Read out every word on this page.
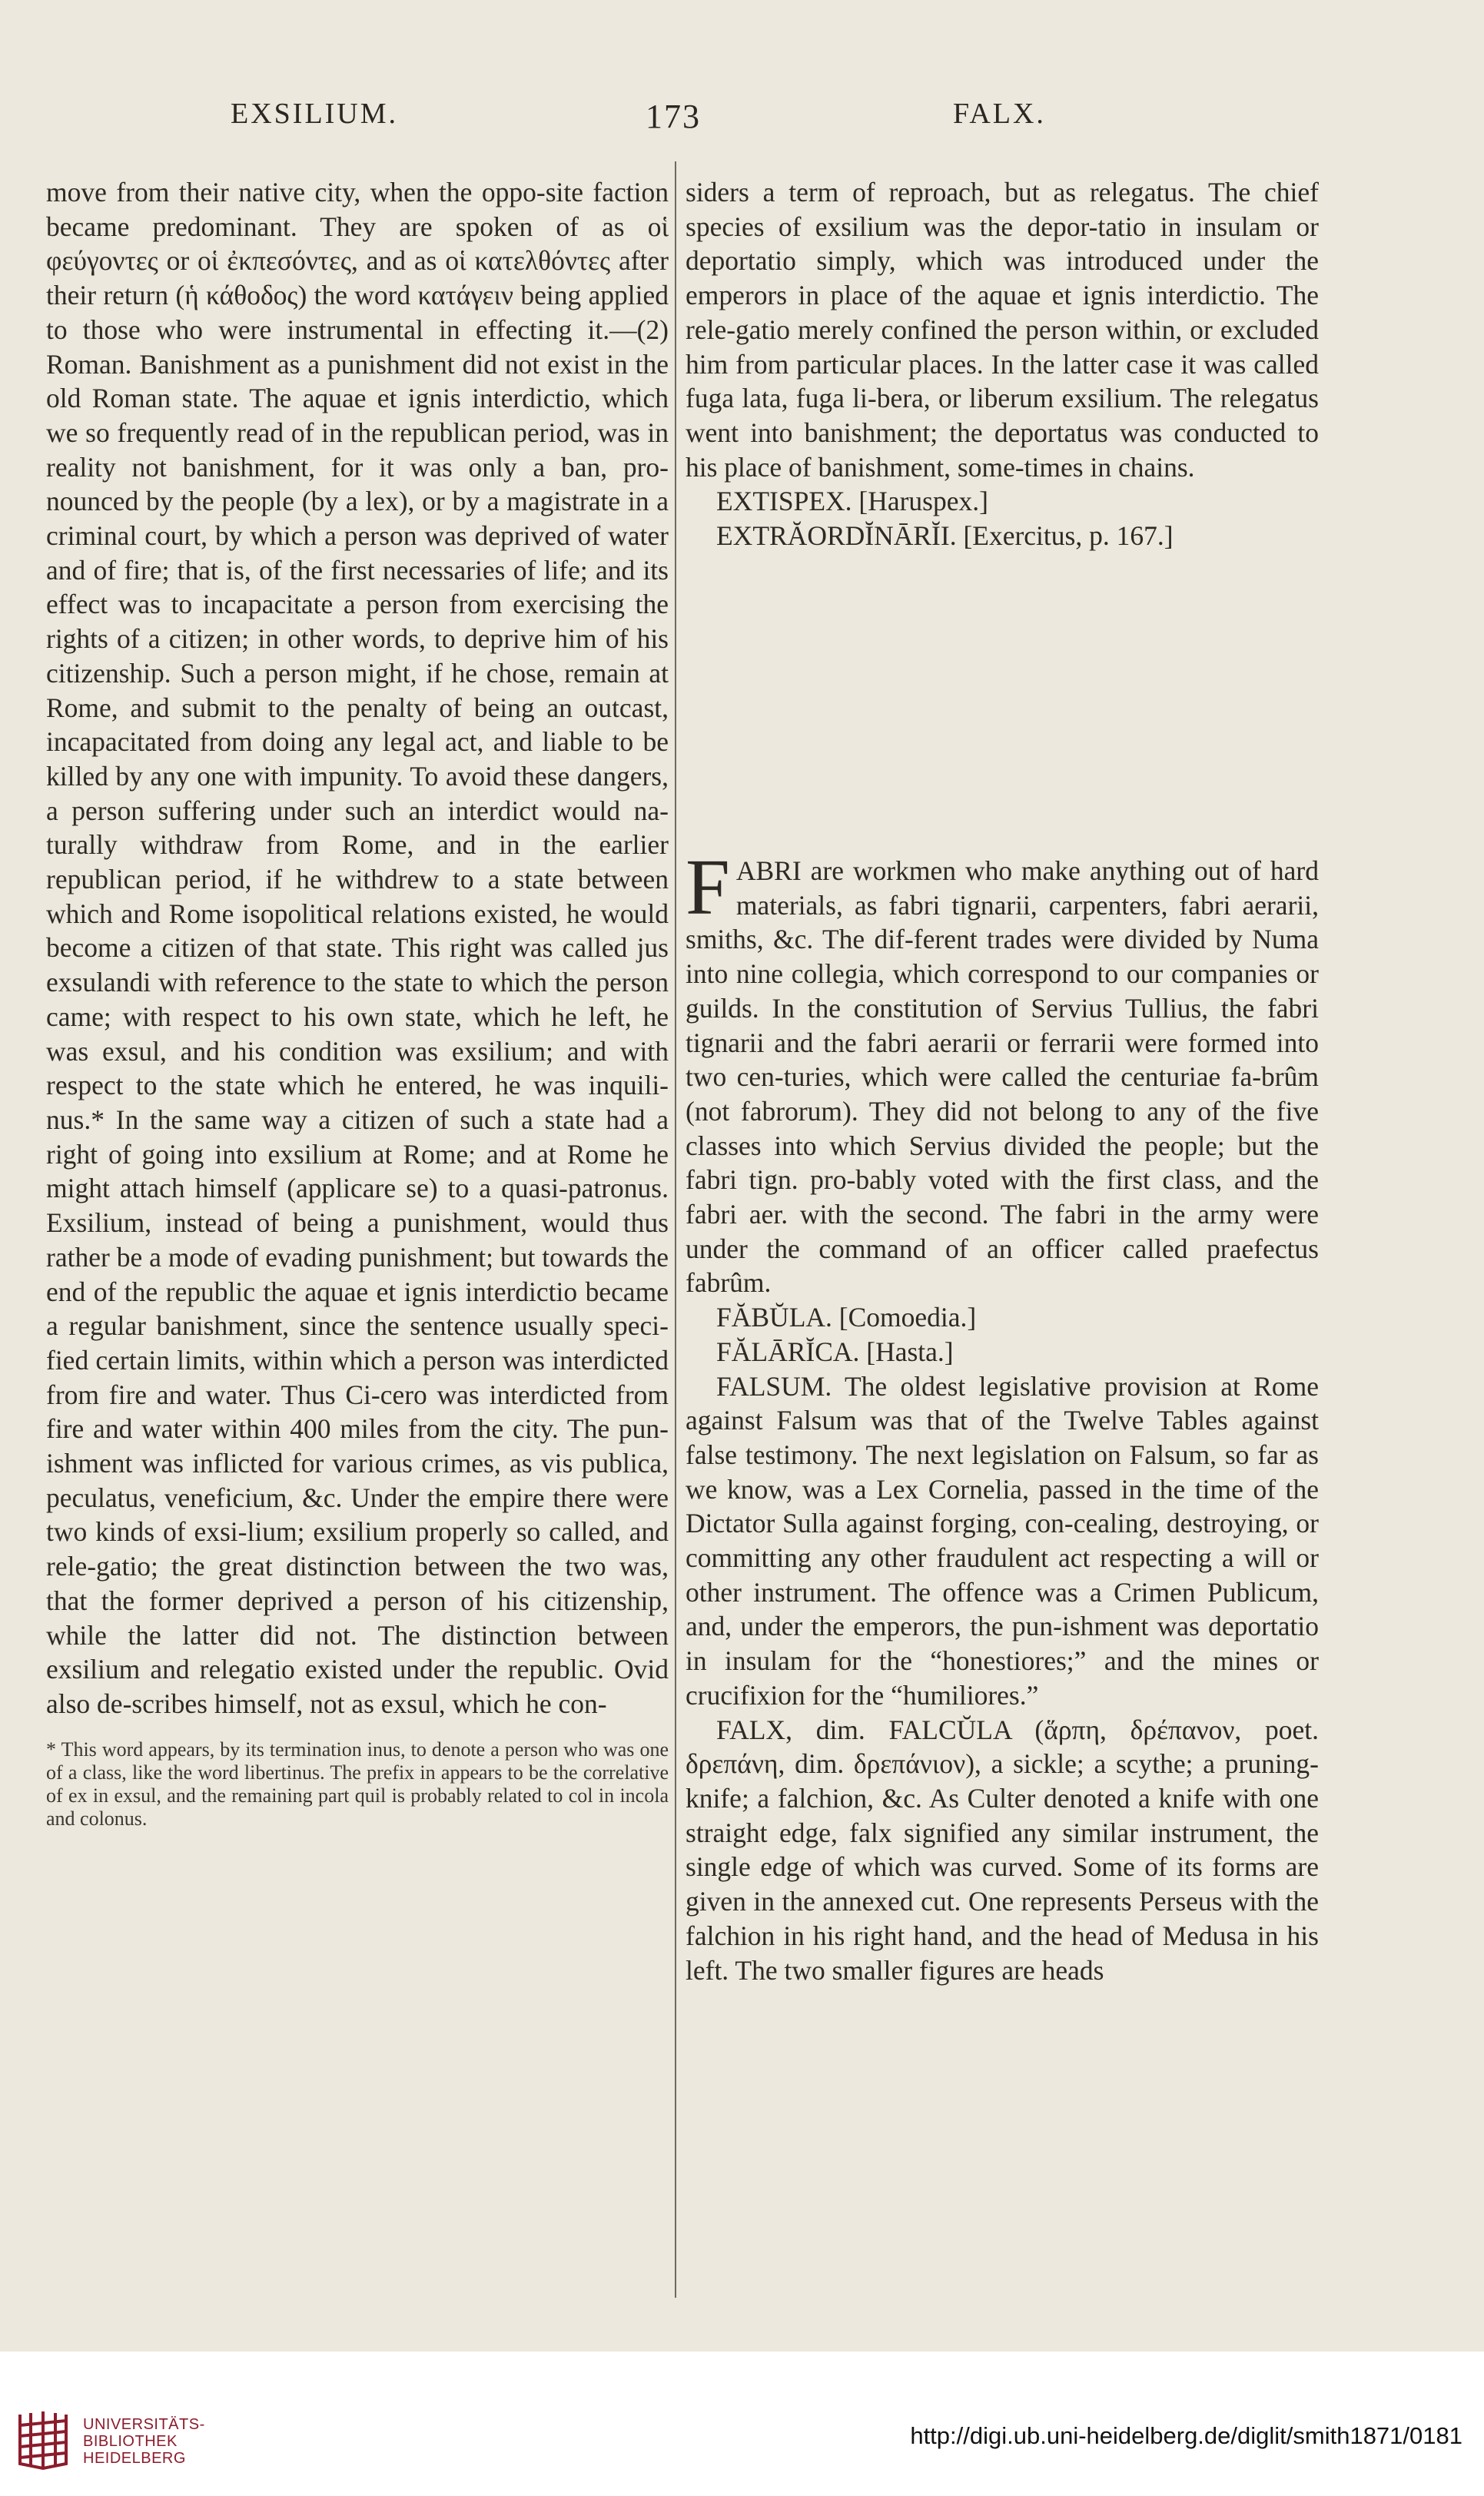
EXSILIUM.	173	FALX.

move from their native city, when the oppo-site faction became predominant. They are spoken of as οἱ φεύγοντες or οἱ ἐκπεσόντες, and as οἱ κατελθόντες after their return (ἡ κάθοδος) the word κατάγειν being applied to those who were instrumental in effecting it.—(2) Roman. Banishment as a punishment did not exist in the old Roman state. The aquae et ignis interdictio, which we so frequently read of in the republican period, was in reality not banishment, for it was only a ban, pro-nounced by the people (by a lex), or by a magistrate in a criminal court, by which a person was deprived of water and of fire; that is, of the first necessaries of life; and its effect was to incapacitate a person from exercising the rights of a citizen; in other words, to deprive him of his citizenship. Such a person might, if he chose, remain at Rome, and submit to the penalty of being an outcast, incapacitated from doing any legal act, and liable to be killed by any one with impunity. To avoid these dangers, a person suffering under such an interdict would na-turally withdraw from Rome, and in the earlier republican period, if he withdrew to a state between which and Rome isopolitical relations existed, he would become a citizen of that state. This right was called jus exsulandi with reference to the state to which the person came; with respect to his own state, which he left, he was exsul, and his condition was exsilium; and with respect to the state which he entered, he was inquili-nus.* In the same way a citizen of such a state had a right of going into exsilium at Rome; and at Rome he might attach himself (applicare se) to a quasi-patronus. Exsilium, instead of being a punishment, would thus rather be a mode of evading punishment; but towards the end of the republic the aquae et ignis interdictio became a regular banishment, since the sentence usually speci-fied certain limits, within which a person was interdicted from fire and water. Thus Ci-cero was interdicted from fire and water within 400 miles from the city. The pun-ishment was inflicted for various crimes, as vis publica, peculatus, veneficium, &c. Under the empire there were two kinds of exsi-lium; exsilium properly so called, and rele-gatio; the great distinction between the two was, that the former deprived a person of his citizenship, while the latter did not. The distinction between exsilium and relegatio existed under the republic. Ovid also de-scribes himself, not as exsul, which he con-

* This word appears, by its termination inus, to denote a person who was one of a class, like the word libertinus. The prefix in appears to be the correlative of ex in exsul, and the remaining part quil is probably related to col in incola and colonus.

siders a term of reproach, but as relegatus. The chief species of exsilium was the depor-tatio in insulam or deportatio simply, which was introduced under the emperors in place of the aquae et ignis interdictio. The rele-gatio merely confined the person within, or excluded him from particular places. In the latter case it was called fuga lata, fuga li-bera, or liberum exsilium. The relegatus went into banishment; the deportatus was conducted to his place of banishment, some-times in chains.

EXTISPEX. [Haruspex.]

EXTRĂORDĬNĀRĬI. [Exercitus, p. 167.]

FABRI are workmen who make anything out of hard materials, as fabri tignarii, carpenters, fabri aerarii, smiths, &c. The dif-ferent trades were divided by Numa into nine collegia, which correspond to our companies or guilds. In the constitution of Servius Tullius, the fabri tignarii and the fabri aerarii or ferrarii were formed into two cen-turies, which were called the centuriae fa-brûm (not fabrorum). They did not belong to any of the five classes into which Servius divided the people; but the fabri tign. pro-bably voted with the first class, and the fabri aer. with the second. The fabri in the army were under the command of an officer called praefectus fabrûm.

FĂBŬLA. [Comoedia.]

FĂLĀRĬCA. [Hasta.]

FALSUM. The oldest legislative provision at Rome against Falsum was that of the Twelve Tables against false testimony. The next legislation on Falsum, so far as we know, was a Lex Cornelia, passed in the time of the Dictator Sulla against forging, con-cealing, destroying, or committing any other fraudulent act respecting a will or other instrument. The offence was a Crimen Publicum, and, under the emperors, the pun-ishment was deportatio in insulam for the “honestiores;” and the mines or crucifixion for the “humiliores.”

FALX, dim. FALCŬLA (ἅρπη, δρέπανον, poet. δρεπάνη, dim. δρεπάνιον), a sickle; a scythe; a pruning-knife; a falchion, &c. As Culter denoted a knife with one straight edge, falx signified any similar instrument, the single edge of which was curved. Some of its forms are given in the annexed cut. One represents Perseus with the falchion in his right hand, and the head of Medusa in his left. The two smaller figures are heads

UNIVERSITÄTS-
BIBLIOTHEK
HEIDELBERG
http://digi.ub.uni-heidelberg.de/diglit/smith1871/0181
